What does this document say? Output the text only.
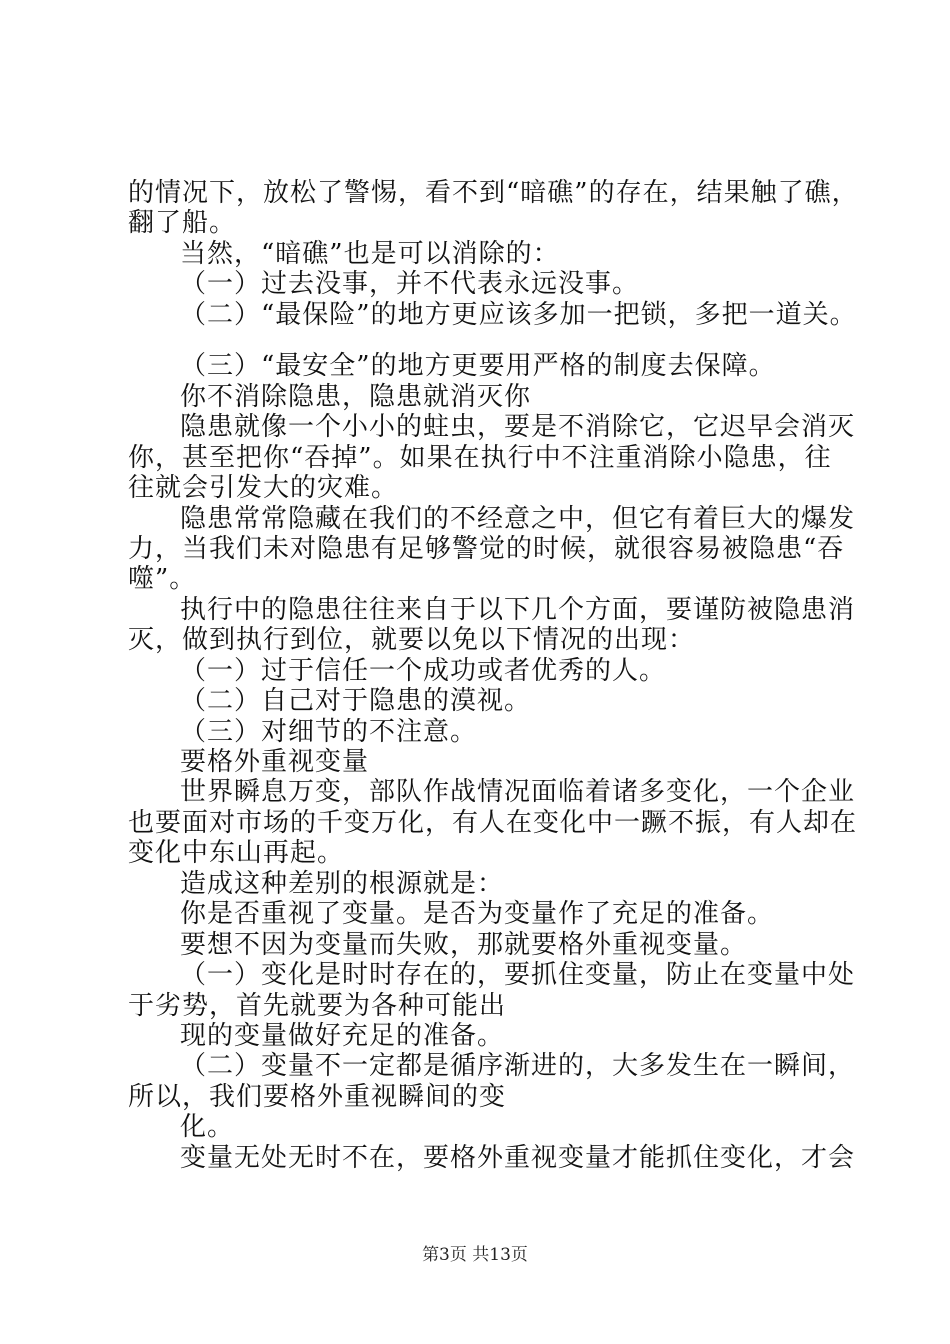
的情况下，放松了警惕，看不到“暗礁”的存在，结果触了礁，
翻了船。
当然，“暗礁”也是可以消除的：
（一）过去没事，并不代表永远没事。
（二）“最保险”的地方更应该多加一把锁，多把一道关。
（三）“最安全”的地方更要用严格的制度去保障。
你不消除隐患，隐患就消灭你
隐患就像一个小小的蛀虫，要是不消除它，它迟早会消灭
你，甚至把你“吞掉”。如果在执行中不注重消除小隐患，往
往就会引发大的灾难。
隐患常常隐藏在我们的不经意之中，但它有着巨大的爆发
力，当我们未对隐患有足够警觉的时候，就很容易被隐患“吞
噬”。
执行中的隐患往往来自于以下几个方面，要谨防被隐患消
灭，做到执行到位，就要以免以下情况的出现：
（一）过于信任一个成功或者优秀的人。
（二）自己对于隐患的漠视。
（三）对细节的不注意。
要格外重视变量
世界瞬息万变，部队作战情况面临着诸多变化，一个企业
也要面对市场的千变万化，有人在变化中一蹶不振，有人却在
变化中东山再起。
造成这种差别的根源就是：
你是否重视了变量。是否为变量作了充足的准备。
要想不因为变量而失败，那就要格外重视变量。
（一）变化是时时存在的，要抓住变量，防止在变量中处
于劣势，首先就要为各种可能出
现的变量做好充足的准备。
（二）变量不一定都是循序渐进的，大多发生在一瞬间，
所以，我们要格外重视瞬间的变
第3页 共13页
化。
变量无处无时不在，要格外重视变量才能抓住变化，才会
